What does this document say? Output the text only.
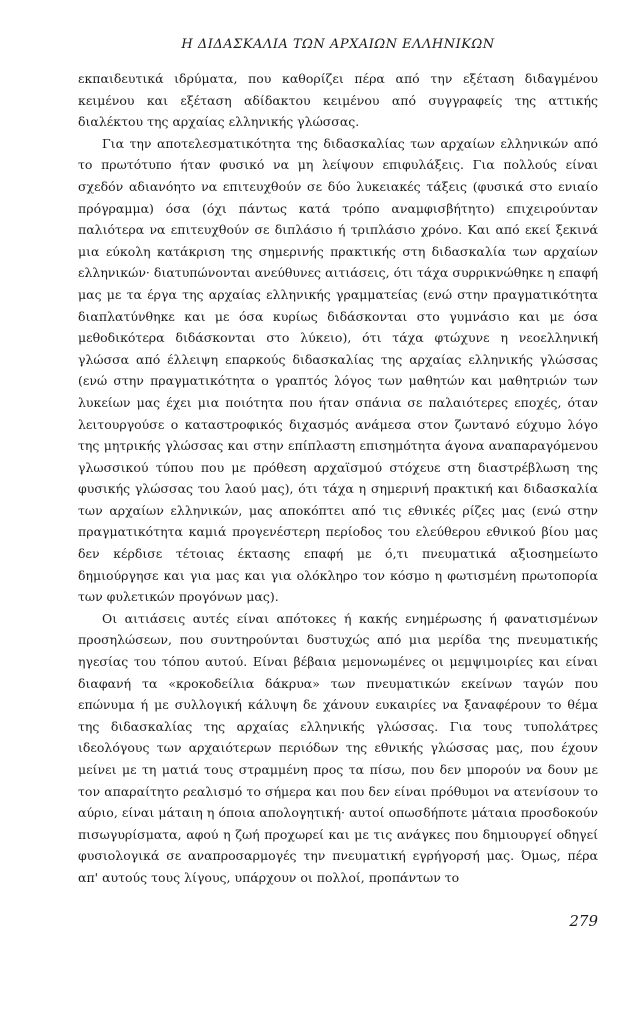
Η ΔΙΔΑΣΚΑΛΙΑ ΤΩΝ ΑΡΧΑΙΩΝ ΕΛΛΗΝΙΚΩΝ

εκπαιδευτικά ιδρύματα, που καθορίζει πέρα από την εξέταση διδαγμένου κειμένου και εξέταση αδίδακτου κειμένου από συγγραφείς της αττικής διαλέκτου της αρχαίας ελληνικής γλώσσας.

Για την αποτελεσματικότητα της διδασκαλίας των αρχαίων ελληνικών από το πρωτότυπο ήταν φυσικό να μη λείψουν επιφυλάξεις. Για πολλούς είναι σχεδόν αδιανόητο να επιτευχθούν σε δύο λυκειακές τάξεις (φυσικά στο ενιαίο πρόγραμμα) όσα (όχι πάντως κατά τρόπο αναμφισβήτητο) επιχειρούνταν παλιότερα να επιτευχθούν σε διπλάσιο ή τριπλάσιο χρόνο. Και από εκεί ξεκινά μια εύκολη κατάκριση της σημερινής πρακτικής στη διδασκαλία των αρχαίων ελληνικών· διατυπώνονται ανεύθυνες αιτιάσεις, ότι τάχα συρρικνώθηκε η επαφή μας με τα έργα της αρχαίας ελληνικής γραμματείας (ενώ στην πραγματικότητα διαπλατύνθηκε και με όσα κυρίως διδάσκονται στο γυμνάσιο και με όσα μεθοδικότερα διδάσκονται στο λύκειο), ότι τάχα φτώχυνε η νεοελληνική γλώσσα από έλλειψη επαρκούς διδασκαλίας της αρχαίας ελληνικής γλώσσας (ενώ στην πραγματικότητα ο γραπτός λόγος των μαθητών και μαθητριών των λυκείων μας έχει μια ποιότητα που ήταν σπάνια σε παλαιότερες εποχές, όταν λειτουργούσε ο καταστροφικός διχασμός ανάμεσα στον ζωντανό εύχυμο λόγο της μητρικής γλώσσας και στην επίπλαστη επισημότητα άγονα αναπαραγόμενου γλωσσικού τύπου που με πρόθεση αρχαϊσμού στόχευε στη διαστρέβλωση της φυσικής γλώσσας του λαού μας), ότι τάχα η σημερινή πρακτική και διδασκαλία των αρχαίων ελληνικών, μας αποκόπτει από τις εθνικές ρίζες μας (ενώ στην πραγματικότητα καμιά προγενέστερη περίοδος του ελεύθερου εθνικού βίου μας δεν κέρδισε τέτοιας έκτασης επαφή με ό,τι πνευματικά αξιοσημείωτο δημιούργησε και για μας και για ολόκληρο τον κόσμο η φωτισμένη πρωτοπορία των φυλετικών προγόνων μας).

Οι αιτιάσεις αυτές είναι απότοκες ή κακής ενημέρωσης ή φανατισμένων προσηλώσεων, που συντηρούνται δυστυχώς από μια μερίδα της πνευματικής ηγεσίας του τόπου αυτού. Είναι βέβαια μεμονωμένες οι μεμψιμοιρίες και είναι διαφανή τα «κροκοδείλια δάκρυα» των πνευματικών εκείνων ταγών που επώνυμα ή με συλλογική κάλυψη δε χάνουν ευκαιρίες να ξαναφέρουν το θέμα της διδασκαλίας της αρχαίας ελληνικής γλώσσας. Για τους τυπολάτρες ιδεολόγους των αρχαιότερων περιόδων της εθνικής γλώσσας μας, που έχουν μείνει με τη ματιά τους στραμμένη προς τα πίσω, που δεν μπορούν να δουν με τον απαραίτητο ρεαλισμό το σήμερα και που δεν είναι πρόθυμοι να ατενίσουν το αύριο, είναι μάταιη η όποια απολογητική· αυτοί οπωσδήποτε μάταια προσδοκούν πισωγυρίσματα, αφού η ζωή προχωρεί και με τις ανάγκες που δημιουργεί οδηγεί φυσιολογικά σε αναπροσαρμογές την πνευματική εγρήγορσή μας. Όμως, πέρα απ' αυτούς τους λίγους, υπάρχουν οι πολλοί, προπάντων το

279
